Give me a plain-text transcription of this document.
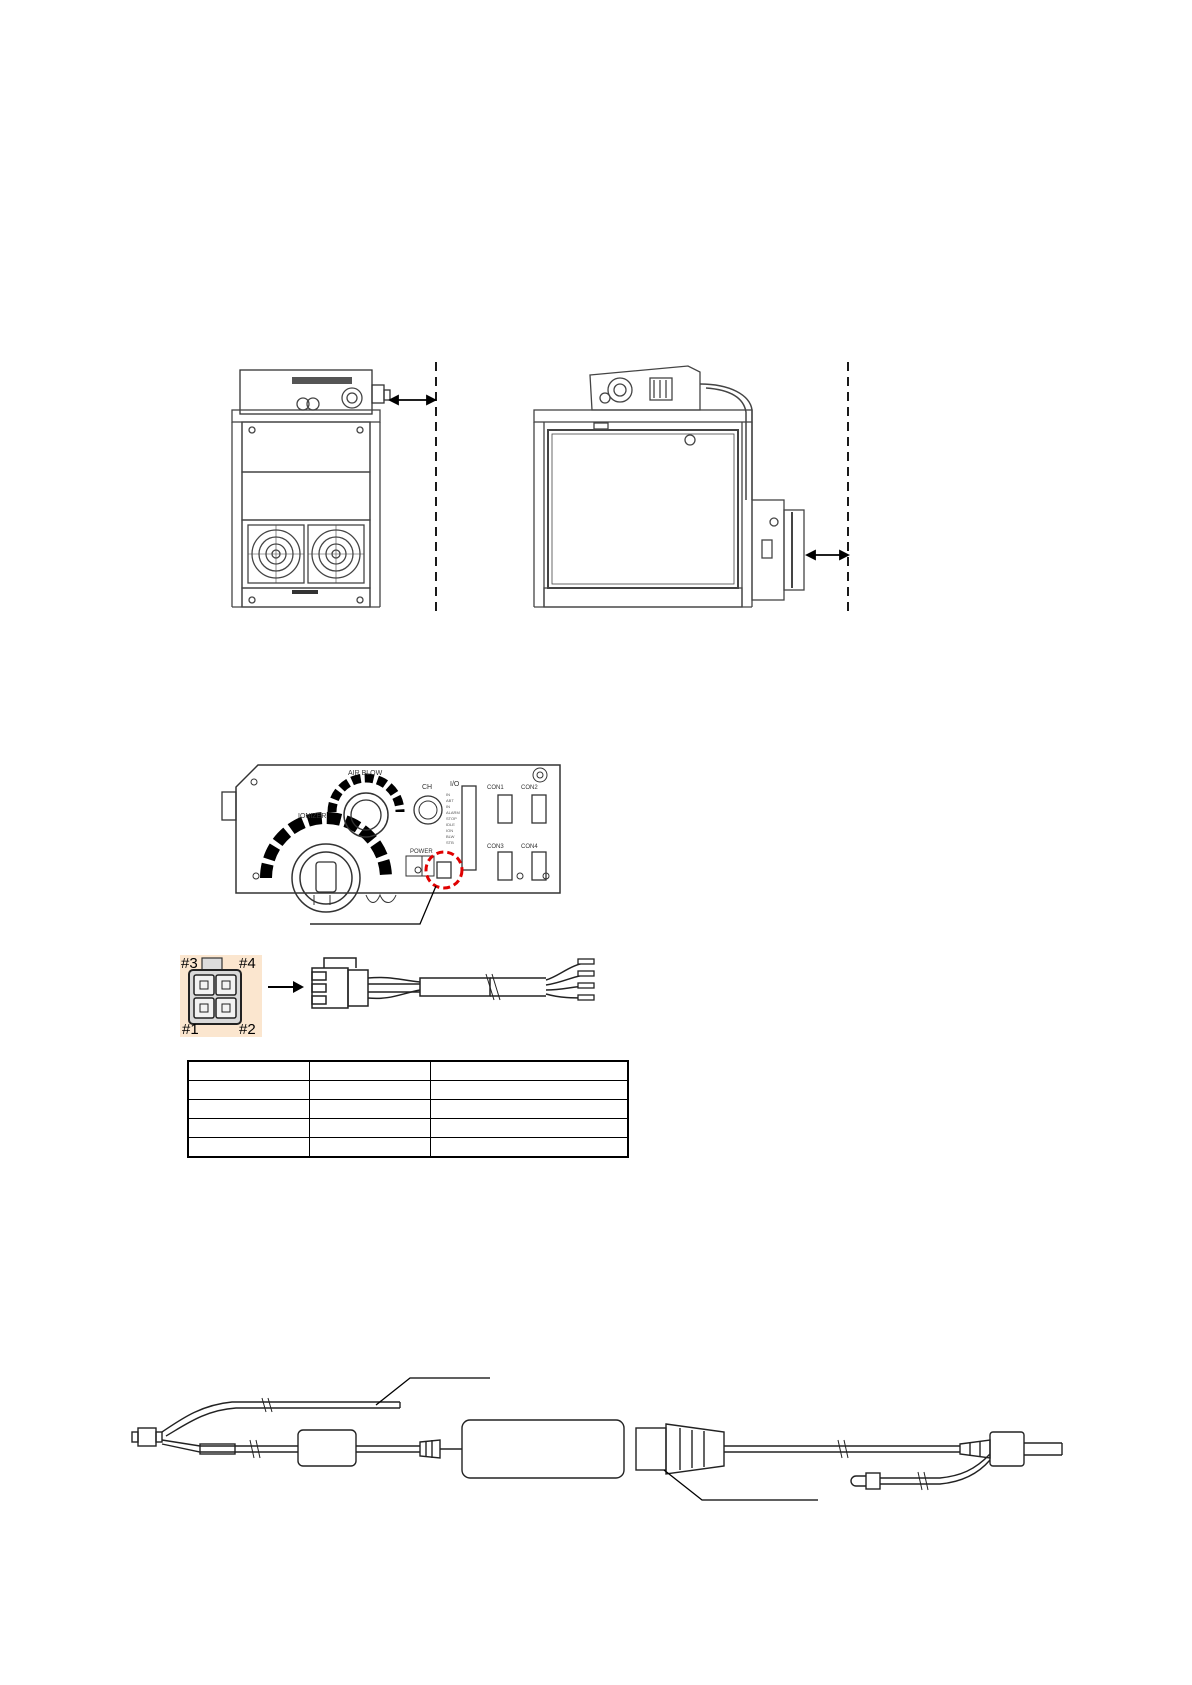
IONIZER
AIR BLOW
CH	I/O
IN
ABT
IN
ALARM
STOP
IDLE
ION
BLW
STB
CON1	CON2
CON3	CON4
POWER
#3	#4
#1	#2
